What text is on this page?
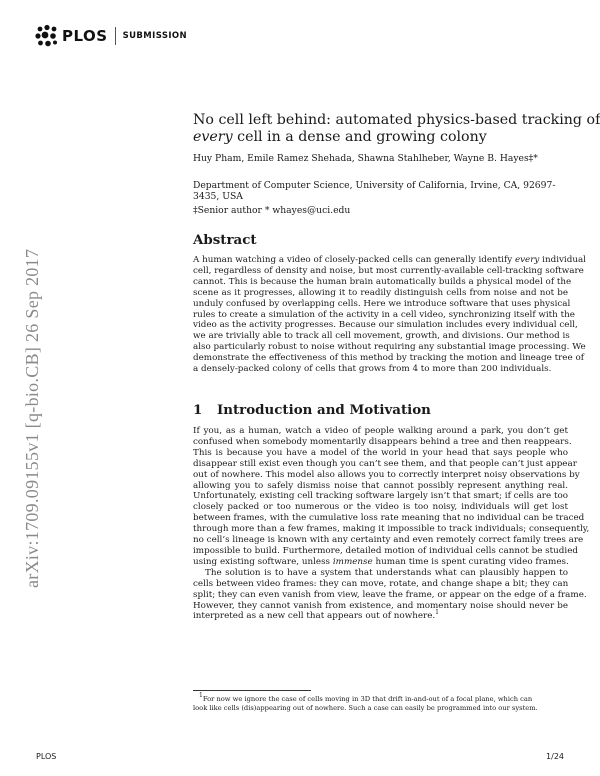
PLOS SUBMISSION
arXiv:1709.09155v1 [q-bio.CB] 26 Sep 2017
No cell left behind: automated physics-based tracking of
every cell in a dense and growing colony
Huy Pham, Emile Ramez Shehada, Shawna Stahlheber, Wayne B. Hayes‡*
Department of Computer Science, University of California, Irvine, CA, 92697-3435, USA
‡Senior author * whayes@uci.edu
Abstract
A human watching a video of closely-packed cells can generally identify every individual
cell, regardless of density and noise, but most currently-available cell-tracking software
cannot. This is because the human brain automatically builds a physical model of the
scene as it progresses, allowing it to readily distinguish cells from noise and not be
unduly confused by overlapping cells. Here we introduce software that uses physical
rules to create a simulation of the activity in a cell video, synchronizing itself with the
video as the activity progresses. Because our simulation includes every individual cell,
we are trivially able to track all cell movement, growth, and divisions. Our method is
also particularly robust to noise without requiring any substantial image processing. We
demonstrate the effectiveness of this method by tracking the motion and lineage tree of
a densely-packed colony of cells that grows from 4 to more than 200 individuals.
1 Introduction and Motivation
If you, as a human, watch a video of people walking around a park, you don’t get
confused when somebody momentarily disappears behind a tree and then reappears.
This is because you have a model of the world in your head that says people who
disappear still exist even though you can’t see them, and that people can’t just appear
out of nowhere. This model also allows you to correctly interpret noisy observations by
allowing you to safely dismiss noise that cannot possibly represent anything real.
Unfortunately, existing cell tracking software largely isn’t that smart; if cells are too
closely packed or too numerous or the video is too noisy, individuals will get lost
between frames, with the cumulative loss rate meaning that no individual can be traced
through more than a few frames, making it impossible to track individuals; consequently,
no cell’s lineage is known with any certainty and even remotely correct family trees are
impossible to build. Furthermore, detailed motion of individual cells cannot be studied
using existing software, unless immense human time is spent curating video frames.
The solution is to have a system that understands what can plausibly happen to
cells between video frames: they can move, rotate, and change shape a bit; they can
split; they can even vanish from view, leave the frame, or appear on the edge of a frame.
However, they cannot vanish from existence, and momentary noise should never be
interpreted as a new cell that appears out of nowhere.$^1$
$^1$For now we ignore the case of cells moving in 3D that drift in-and-out of a focal plane, which can
look like cells (dis)appearing out of nowhere. Such a case can easily be programmed into our system.
PLOS	1/24
